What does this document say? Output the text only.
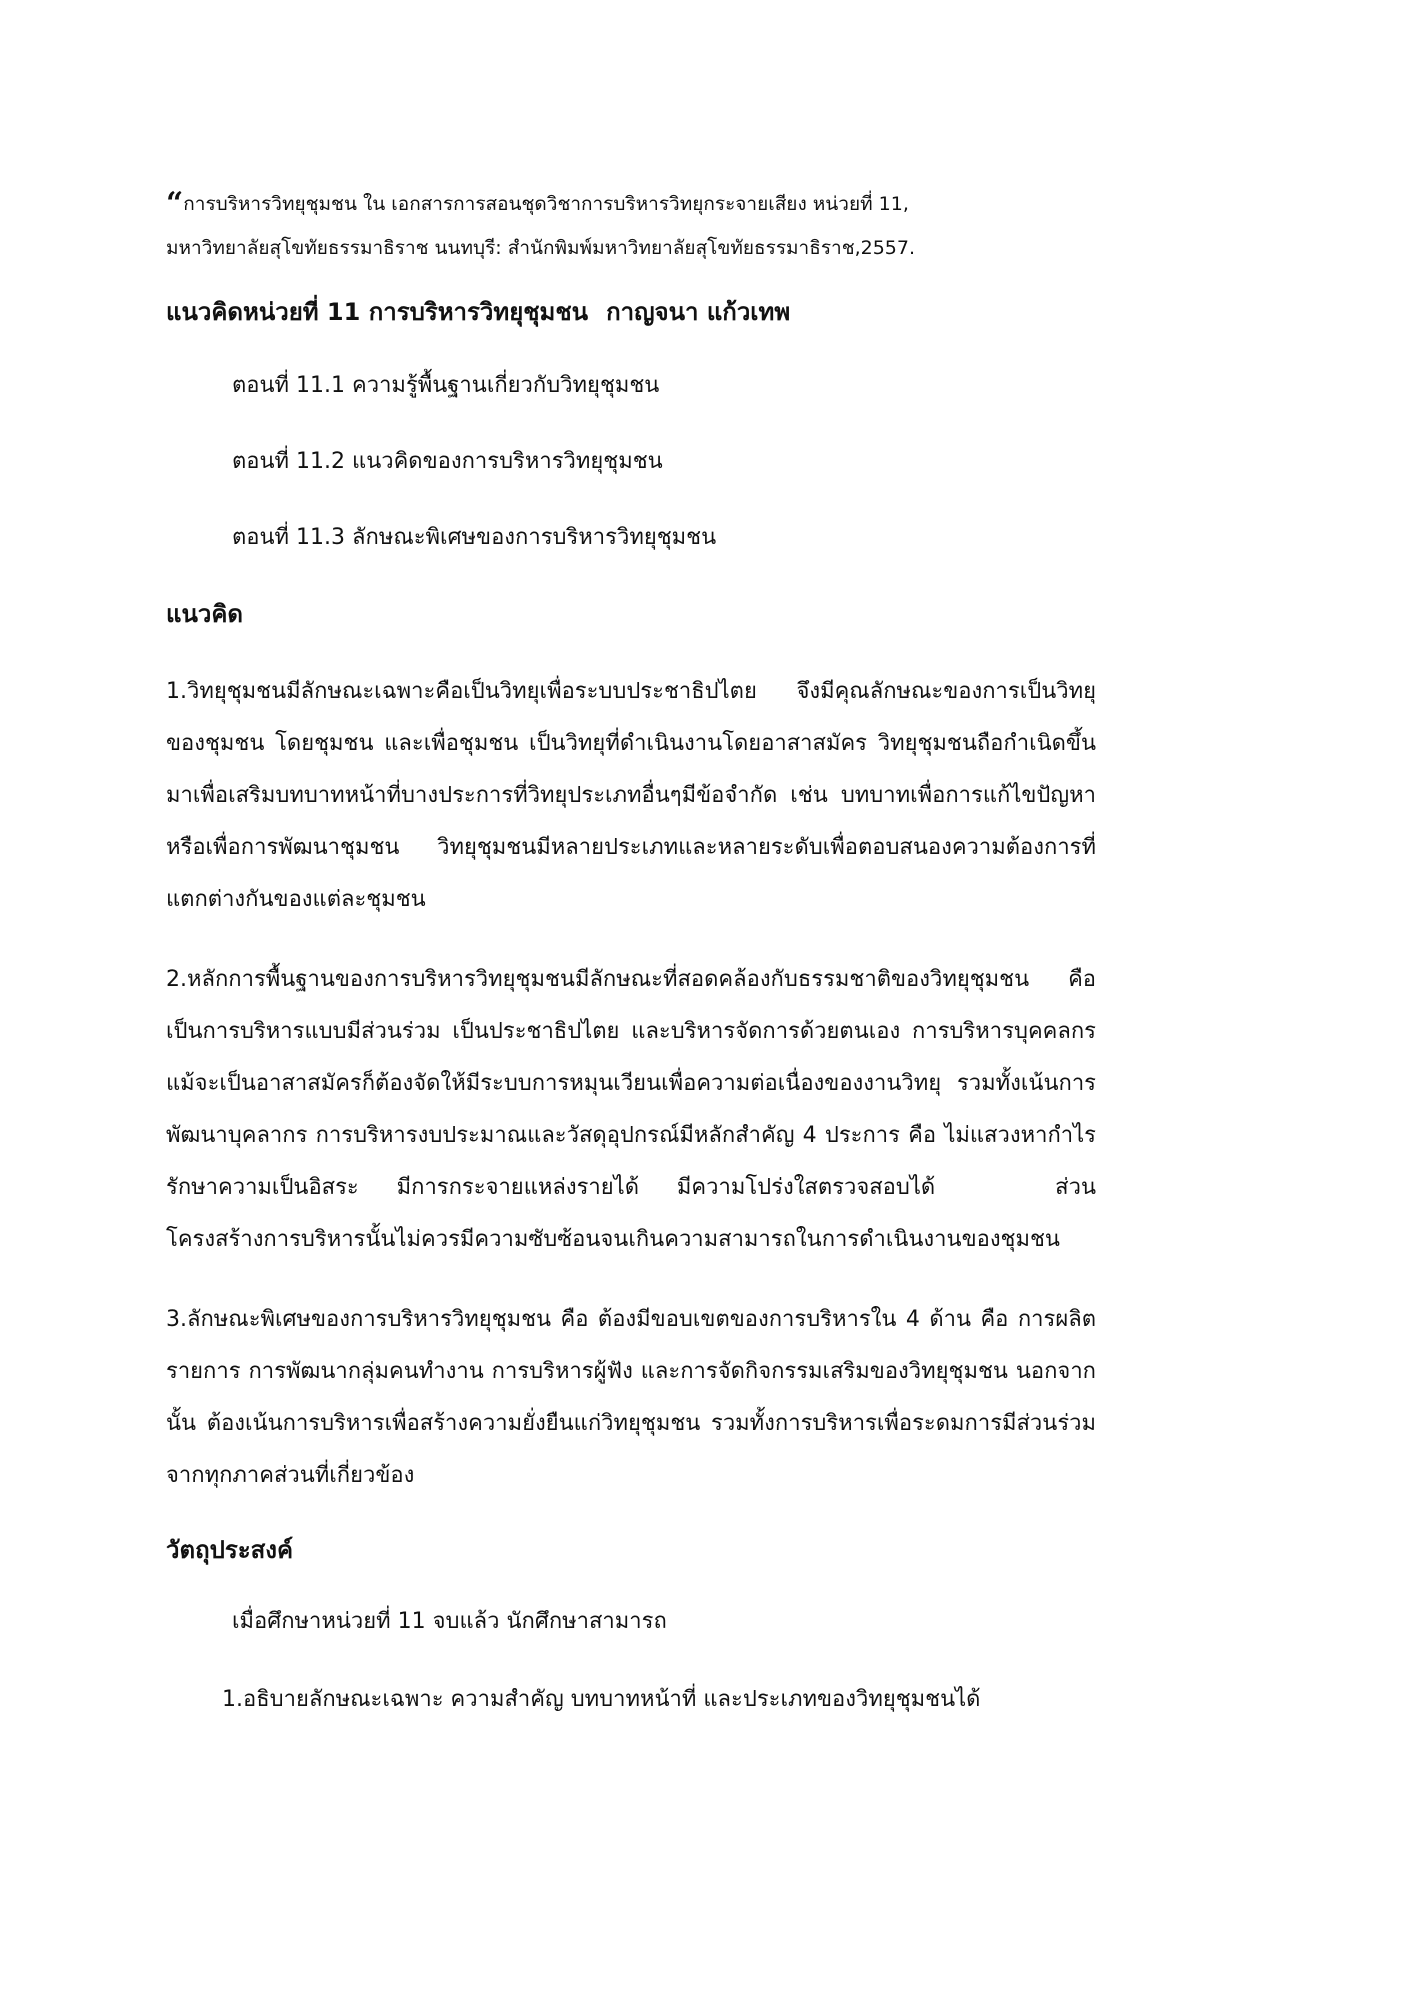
“การบริหารวิทยุชุมชน ใน เอกสารการสอนชุดวิชาการบริหารวิทยุกระจายเสียง หน่วยที่ 11,
มหาวิทยาลัยสุโขทัยธรรมาธิราช นนทบุรี: สำนักพิมพ์มหาวิทยาลัยสุโขทัยธรรมาธิราช,2557.
แนวคิดหน่วยที่ 11 การบริหารวิทยุชุมชน กาญจนา แก้วเทพ
ตอนที่ 11.1 ความรู้พื้นฐานเกี่ยวกับวิทยุชุมชน
ตอนที่ 11.2 แนวคิดของการบริหารวิทยุชุมชน
ตอนที่ 11.3 ลักษณะพิเศษของการบริหารวิทยุชุมชน
แนวคิด

1.วิทยุชุมชนมีลักษณะเฉพาะคือเป็นวิทยุเพื่อระบบประชาธิปไตย จึงมีคุณลักษณะของการเป็นวิทยุของชุมชน โดยชุมชน และเพื่อชุมชน เป็นวิทยุที่ดำเนินงานโดยอาสาสมัคร วิทยุชุมชนถือกำเนิดขึ้นมาเพื่อเสริมบทบาทหน้าที่บางประการที่วิทยุประเภทอื่นๆมีข้อจำกัด เช่น บทบาทเพื่อการแก้ไขปัญหาหรือเพื่อการพัฒนาชุมชน วิทยุชุมชนมีหลายประเภทและหลายระดับเพื่อตอบสนองความต้องการที่แตกต่างกันของแต่ละชุมชน

2.หลักการพื้นฐานของการบริหารวิทยุชุมชนมีลักษณะที่สอดคล้องกับธรรมชาติของวิทยุชุมชน คือ เป็นการบริหารแบบมีส่วนร่วม เป็นประชาธิปไตย และบริหารจัดการด้วยตนเอง การบริหารบุคคลกรแม้จะเป็นอาสาสมัครก็ต้องจัดให้มีระบบการหมุนเวียนเพื่อความต่อเนื่องของงานวิทยุ รวมทั้งเน้นการพัฒนาบุคลากร การบริหารงบประมาณและวัสดุอุปกรณ์มีหลักสำคัญ 4 ประการ คือ ไม่แสวงหากำไร รักษาความเป็นอิสระ มีการกระจายแหล่งรายได้ มีความโปร่งใสตรวจสอบได้	ส่วนโครงสร้างการบริหารนั้นไม่ควรมีความซับซ้อนจนเกินความสามารถในการดำเนินงานของชุมชน

3.ลักษณะพิเศษของการบริหารวิทยุชุมชน คือ ต้องมีขอบเขตของการบริหารใน 4 ด้าน คือ การผลิตรายการ การพัฒนากลุ่มคนทำงาน การบริหารผู้ฟัง และการจัดกิจกรรมเสริมของวิทยุชุมชน นอกจากนั้น ต้องเน้นการบริหารเพื่อสร้างความยั่งยืนแก่วิทยุชุมชน รวมทั้งการบริหารเพื่อระดมการมีส่วนร่วมจากทุกภาคส่วนที่เกี่ยวข้อง

วัตถุประสงค์
เมื่อศึกษาหน่วยที่ 11 จบแล้ว นักศึกษาสามารถ
1.อธิบายลักษณะเฉพาะ ความสำคัญ บทบาทหน้าที่ และประเภทของวิทยุชุมชนได้
